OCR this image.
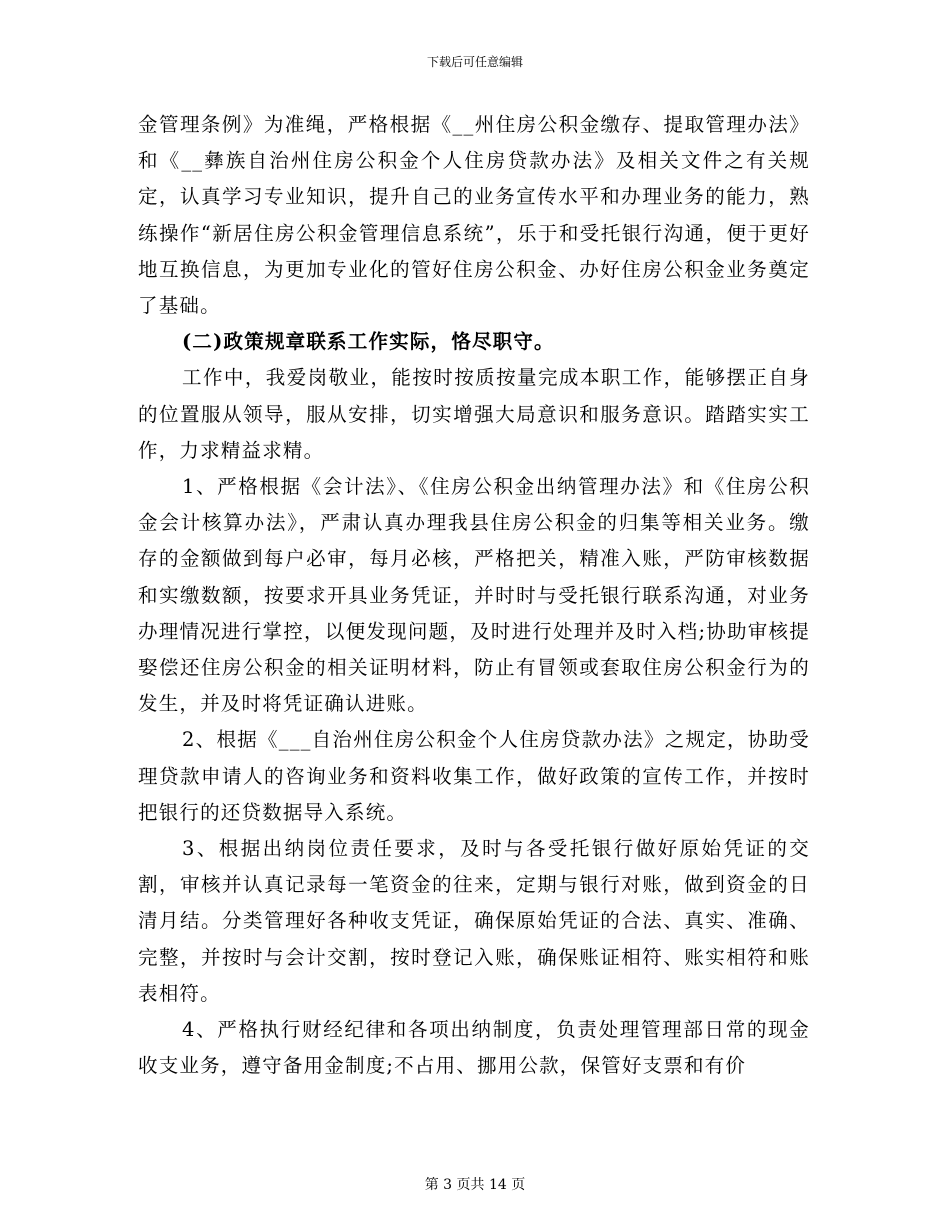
下载后可任意编辑

金管理条例》为准绳，严格根据《__州住房公积金缴存、提取管理办法》和《__彝族自治州住房公积金个人住房贷款办法》及相关文件之有关规定，认真学习专业知识，提升自己的业务宣传水平和办理业务的能力，熟练操作“新居住房公积金管理信息系统”，乐于和受托银行沟通，便于更好地互换信息，为更加专业化的管好住房公积金、办好住房公积金业务奠定了基础。

(二)政策规章联系工作实际，恪尽职守。

工作中，我爱岗敬业，能按时按质按量完成本职工作，能够摆正自身的位置服从领导，服从安排，切实增强大局意识和服务意识。踏踏实实工作，力求精益求精。

1、严格根据《会计法》、《住房公积金出纳管理办法》和《住房公积金会计核算办法》，严肃认真办理我县住房公积金的归集等相关业务。缴存的金额做到每户必审，每月必核，严格把关，精准入账，严防审核数据和实缴数额，按要求开具业务凭证，并时时与受托银行联系沟通，对业务办理情况进行掌控，以便发现问题，及时进行处理并及时入档;协助审核提娶偿还住房公积金的相关证明材料，防止有冒领或套取住房公积金行为的发生，并及时将凭证确认进账。

2、根据《___自治州住房公积金个人住房贷款办法》之规定，协助受理贷款申请人的咨询业务和资料收集工作，做好政策的宣传工作，并按时把银行的还贷数据导入系统。

3、根据出纳岗位责任要求，及时与各受托银行做好原始凭证的交割，审核并认真记录每一笔资金的往来，定期与银行对账，做到资金的日清月结。分类管理好各种收支凭证，确保原始凭证的合法、真实、准确、完整，并按时与会计交割，按时登记入账，确保账证相符、账实相符和账表相符。

4、严格执行财经纪律和各项出纳制度，负责处理管理部日常的现金收支业务，遵守备用金制度;不占用、挪用公款，保管好支票和有价

第 3 页共 14 页
